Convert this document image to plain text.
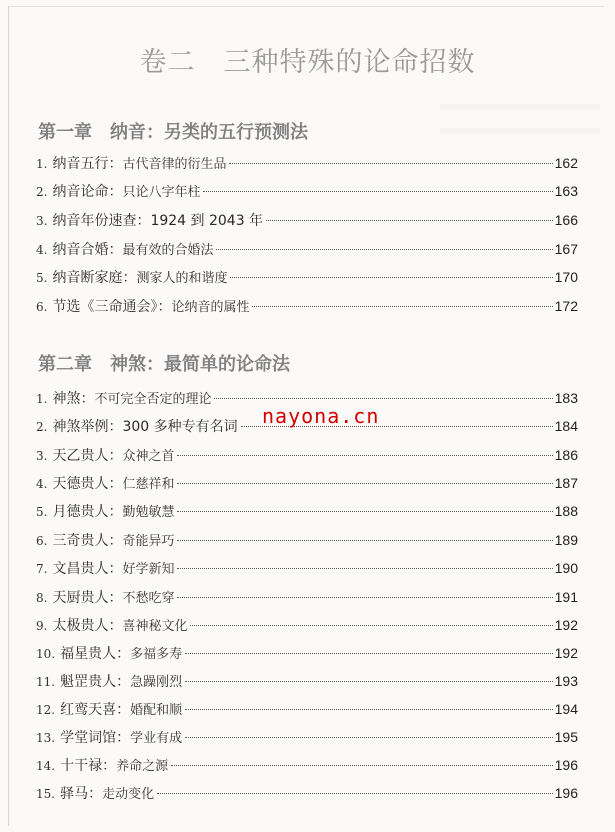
卷二　三种特殊的论命招数
第一章　纳音：另类的五行预测法
1. 纳音五行： 古代音律的衍生品	162
2. 纳音论命： 只论八字年柱	163
3. 纳音年份速查：1924 到 2043 年	166
4. 纳音合婚： 最有效的合婚法	167
5. 纳音断家庭： 测家人的和谐度	170
6. 节选《三命通会》： 论纳音的属性	172
第二章　神煞：最简单的论命法
1. 神煞： 不可完全否定的理论	183
2. 神煞举例：300 多种专有名词	184
3. 天乙贵人： 众神之首	186
4. 天德贵人： 仁慈祥和	187
5. 月德贵人： 勤勉敏慧	188
6. 三奇贵人： 奇能异巧	189
7. 文昌贵人： 好学新知	190
8. 天厨贵人： 不愁吃穿	191
9. 太极贵人： 喜神秘文化	192
10. 福星贵人： 多福多寿	192
11. 魁罡贵人： 急躁刚烈	193
12. 红鸾天喜： 婚配和顺	194
13. 学堂词馆： 学业有成	195
14. 十干禄： 养命之源	196
15. 驿马： 走动变化	196
nayona.cn
